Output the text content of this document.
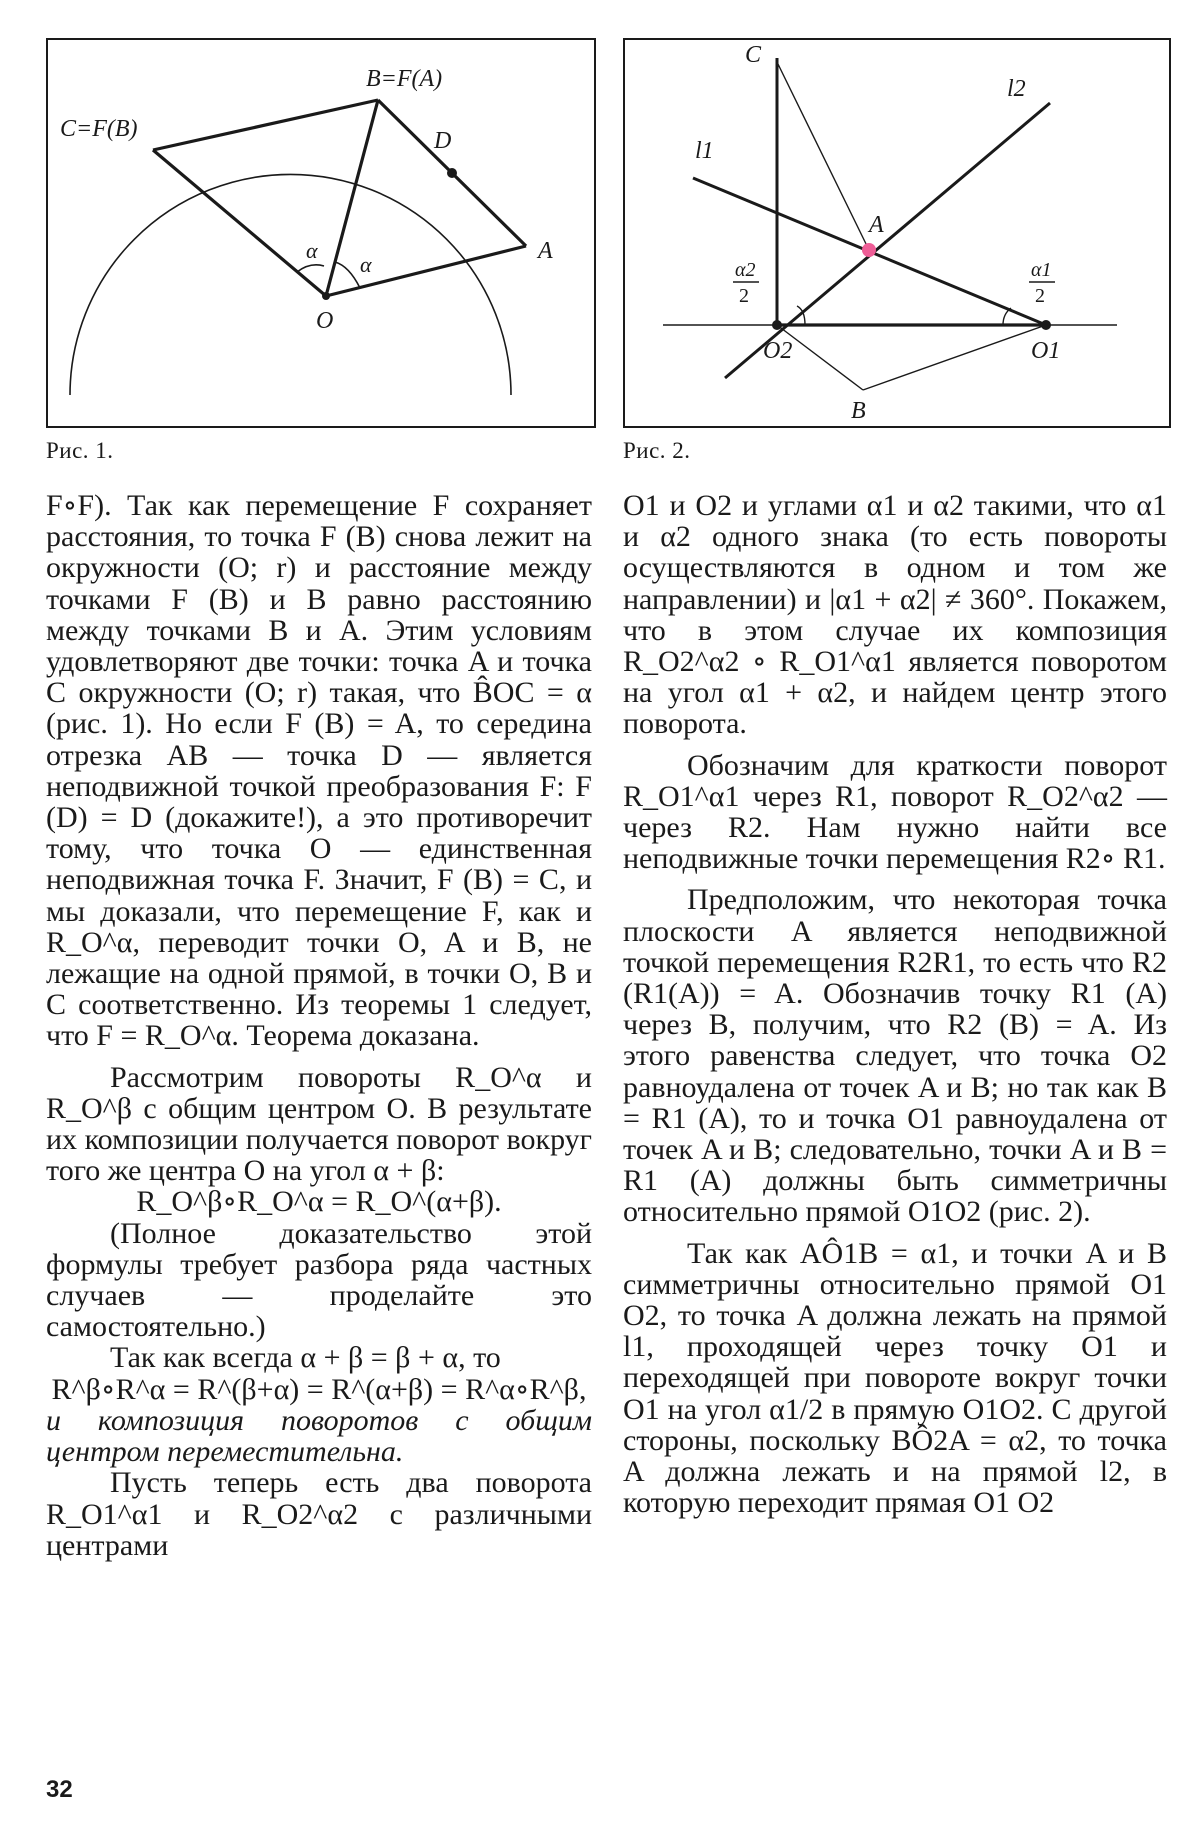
B=F(A)
C=F(B)	D
A
O
α
α
Рис. 1.
C
l1
l2
A
O2	O1
B
α2
2
α1
2
Рис. 2.

F∘F). Так как перемещение F сохраняет расстояния, то точка F (B) снова лежит на окружности (O; r) и расстояние между точками F (B) и B равно расстоянию между точками B и A. Этим условиям удовлетворяют две точки: точка A и точка C окружности (O; r) такая, что B̂OC = α (рис. 1). Но если F (B) = A, то середина отрезка AB — точка D — является неподвижной точкой преобразования F: F (D) = D (докажите!), а это противоречит тому, что точка O — единственная неподвижная точка F. Значит, F (B) = C, и мы доказали, что перемещение F, как и R_O^α, переводит точки O, A и B, не лежащие на одной прямой, в точки O, B и C соответственно. Из теоремы 1 следует, что F = R_O^α. Теорема доказана.

Рассмотрим повороты R_O^α и R_O^β с общим центром O. В результате их композиции получается поворот вокруг того же центра O на угол α + β:

R_O^β∘R_O^α = R_O^(α+β).

(Полное доказательство этой формулы требует разбора ряда частных случаев — проделайте это самостоятельно.)

Так как всегда α + β = β + α, то

R^β∘R^α = R^(β+α) = R^(α+β) = R^α∘R^β,

и композиция поворотов с общим центром переместительна.

Пусть теперь есть два поворота R_O1^α1 и R_O2^α2 с различными центрами

O1 и O2 и углами α1 и α2 такими, что α1 и α2 одного знака (то есть повороты осуществляются в одном и том же направлении) и |α1 + α2| ≠ 360°. Покажем, что в этом случае их композиция R_O2^α2 ∘ R_O1^α1 является поворотом на угол α1 + α2, и найдем центр этого поворота.

Обозначим для краткости поворот R_O1^α1 через R1, поворот R_O2^α2 — через R2. Нам нужно найти все неподвижные точки перемещения R2∘ R1.

Предположим, что некоторая точка плоскости A является неподвижной точкой перемещения R2R1, то есть что R2 (R1(A)) = A. Обозначив точку R1 (A) через B, получим, что R2 (B) = A. Из этого равенства следует, что точка O2 равноудалена от точек A и B; но так как B = R1 (A), то и точка O1 равноудалена от точек A и B; следовательно, точки A и B = R1 (A) должны быть симметричны относительно прямой O1O2 (рис. 2).

Так как AÔ1B = α1, и точки A и B симметричны относительно прямой O1 O2, то точка A должна лежать на прямой l1, проходящей через точку O1 и переходящей при повороте вокруг точки O1 на угол α1/2 в прямую O1O2. С другой стороны, поскольку BÔ2A = α2, то точка A должна лежать и на прямой l2, в которую переходит прямая O1 O2

32
